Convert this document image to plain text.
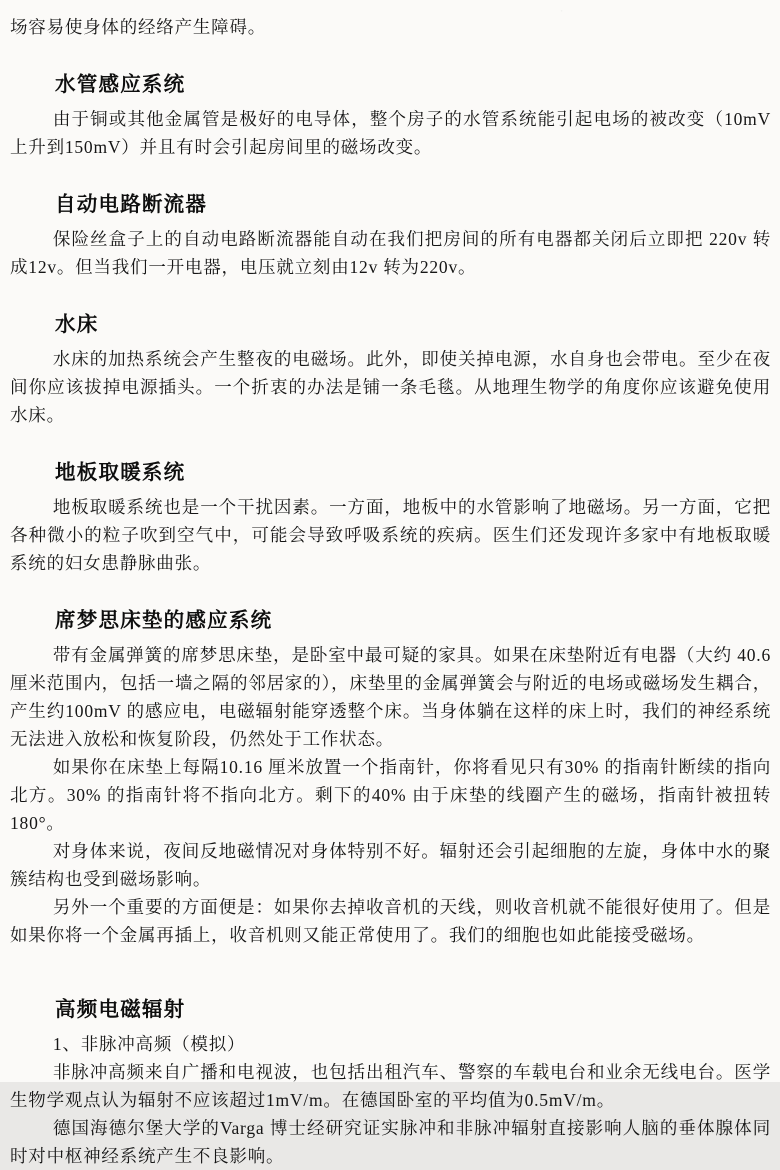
场容易使身体的经络产生障碍。

水管感应系统

由于铜或其他金属管是极好的电导体，整个房子的水管系统能引起电场的被改变（10mV 上升到150mV）并且有时会引起房间里的磁场改变。

自动电路断流器

保险丝盒子上的自动电路断流器能自动在我们把房间的所有电器都关闭后立即把 220v 转成12v。但当我们一开电器，电压就立刻由12v 转为220v。

水床

水床的加热系统会产生整夜的电磁场。此外，即使关掉电源，水自身也会带电。至少在夜间你应该拔掉电源插头。一个折衷的办法是铺一条毛毯。从地理生物学的角度你应该避免使用水床。

地板取暖系统

地板取暖系统也是一个干扰因素。一方面，地板中的水管影响了地磁场。另一方面，它把各种微小的粒子吹到空气中，可能会导致呼吸系统的疾病。医生们还发现许多家中有地板取暖系统的妇女患静脉曲张。

席梦思床垫的感应系统

带有金属弹簧的席梦思床垫，是卧室中最可疑的家具。如果在床垫附近有电器（大约 40.6 厘米范围内，包括一墙之隔的邻居家的），床垫里的金属弹簧会与附近的电场或磁场发生耦合，产生约100mV 的感应电，电磁辐射能穿透整个床。当身体躺在这样的床上时，我们的神经系统无法进入放松和恢复阶段，仍然处于工作状态。

如果你在床垫上每隔10.16 厘米放置一个指南针，你将看见只有30% 的指南针断续的指向北方。30% 的指南针将不指向北方。剩下的40% 由于床垫的线圈产生的磁场，指南针被扭转180°。

对身体来说，夜间反地磁情况对身体特别不好。辐射还会引起细胞的左旋，身体中水的聚簇结构也受到磁场影响。

另外一个重要的方面便是：如果你去掉收音机的天线，则收音机就不能很好使用了。但是如果你将一个金属再插上，收音机则又能正常使用了。我们的细胞也如此能接受磁场。

高频电磁辐射

1、非脉冲高频（模拟）

非脉冲高频来自广播和电视波，也包括出租汽车、警察的车载电台和业余无线电台。医学生物学观点认为辐射不应该超过1mV/m。在德国卧室的平均值为0.5mV/m。

德国海德尔堡大学的Varga 博士经研究证实脉冲和非脉冲辐射直接影响人脑的垂体腺体同时对中枢神经系统产生不良影响。
